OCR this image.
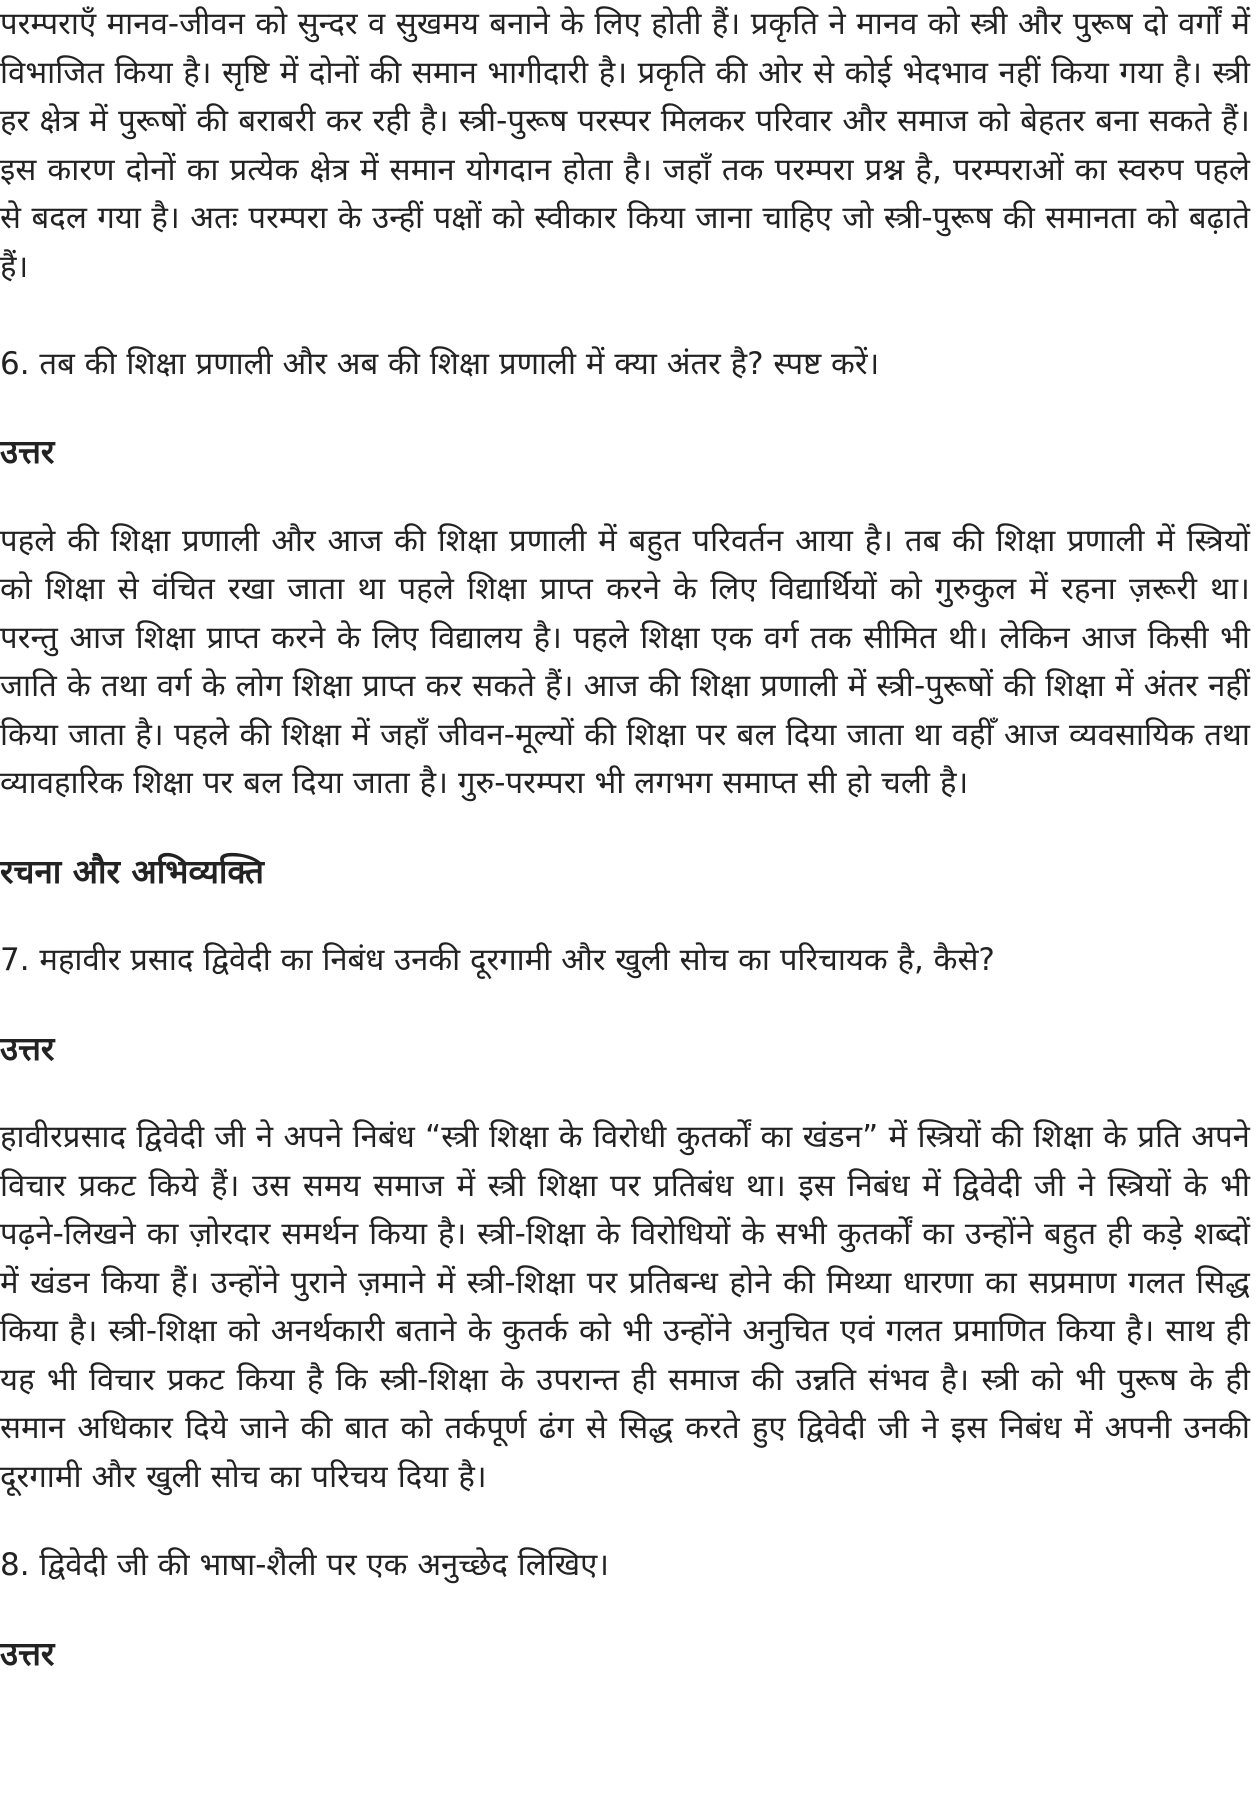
परम्पराएँ मानव-जीवन को सुन्दर व सुखमय बनाने के लिए होती हैं। प्रकृति ने मानव को स्त्री और पुरूष दो वर्गों में विभाजित किया है। सृष्टि में दोनों की समान भागीदारी है। प्रकृति की ओर से कोई भेदभाव नहीं किया गया है। स्त्री हर क्षेत्र में पुरूषों की बराबरी कर रही है। स्त्री-पुरूष परस्पर मिलकर परिवार और समाज को बेहतर बना सकते हैं। इस कारण दोनों का प्रत्येक क्षेत्र में समान योगदान होता है। जहाँ तक परम्परा प्रश्न है, परम्पराओं का स्वरुप पहले से बदल गया है। अतः परम्परा के उन्हीं पक्षों को स्वीकार किया जाना चाहिए जो स्त्री-पुरूष की समानता को बढ़ाते हैं।

6. तब की शिक्षा प्रणाली और अब की शिक्षा प्रणाली में क्या अंतर है? स्पष्ट करें।

उत्तर

पहले की शिक्षा प्रणाली और आज की शिक्षा प्रणाली में बहुत परिवर्तन आया है। तब की शिक्षा प्रणाली में स्त्रियों को शिक्षा से वंचित रखा जाता था पहले शिक्षा प्राप्त करने के लिए विद्यार्थियों को गुरुकुल में रहना ज़रूरी था। परन्तु आज शिक्षा प्राप्त करने के लिए विद्यालय है। पहले शिक्षा एक वर्ग तक सीमित थी। लेकिन आज किसी भी जाति के तथा वर्ग के लोग शिक्षा प्राप्त कर सकते हैं। आज की शिक्षा प्रणाली में स्त्री-पुरूषों की शिक्षा में अंतर नहीं किया जाता है। पहले की शिक्षा में जहाँ जीवन-मूल्यों की शिक्षा पर बल दिया जाता था वहीँ आज व्यवसायिक तथा व्यावहारिक शिक्षा पर बल दिया जाता है। गुरु-परम्परा भी लगभग समाप्त सी हो चली है।

रचना और अभिव्यक्ति

7. महावीर प्रसाद द्विवेदी का निबंध उनकी दूरगामी और खुली सोच का परिचायक है, कैसे?

उत्तर

हावीरप्रसाद द्विवेदी जी ने अपने निबंध “स्त्री शिक्षा के विरोधी कुतर्कों का खंडन” में स्त्रियों की शिक्षा के प्रति अपने विचार प्रकट किये हैं। उस समय समाज में स्त्री शिक्षा पर प्रतिबंध था। इस निबंध में द्विवेदी जी ने स्त्रियों के भी पढ़ने-लिखने का ज़ोरदार समर्थन किया है। स्त्री-शिक्षा के विरोधियों के सभी कुतर्कों का उन्होंने बहुत ही कड़े शब्दों में खंडन किया हैं। उन्होंने पुराने ज़माने में स्त्री-शिक्षा पर प्रतिबन्ध होने की मिथ्या धारणा का सप्रमाण गलत सिद्ध किया है। स्त्री-शिक्षा को अनर्थकारी बताने के कुतर्क को भी उन्होंने अनुचित एवं गलत प्रमाणित किया है। साथ ही यह भी विचार प्रकट किया है कि स्त्री-शिक्षा के उपरान्त ही समाज की उन्नति संभव है। स्त्री को भी पुरूष के ही समान अधिकार दिये जाने की बात को तर्कपूर्ण ढंग से सिद्ध करते हुए द्विवेदी जी ने इस निबंध में अपनी उनकी दूरगामी और खुली सोच का परिचय दिया है।

8. द्विवेदी जी की भाषा-शैली पर एक अनुच्छेद लिखिए।

उत्तर
